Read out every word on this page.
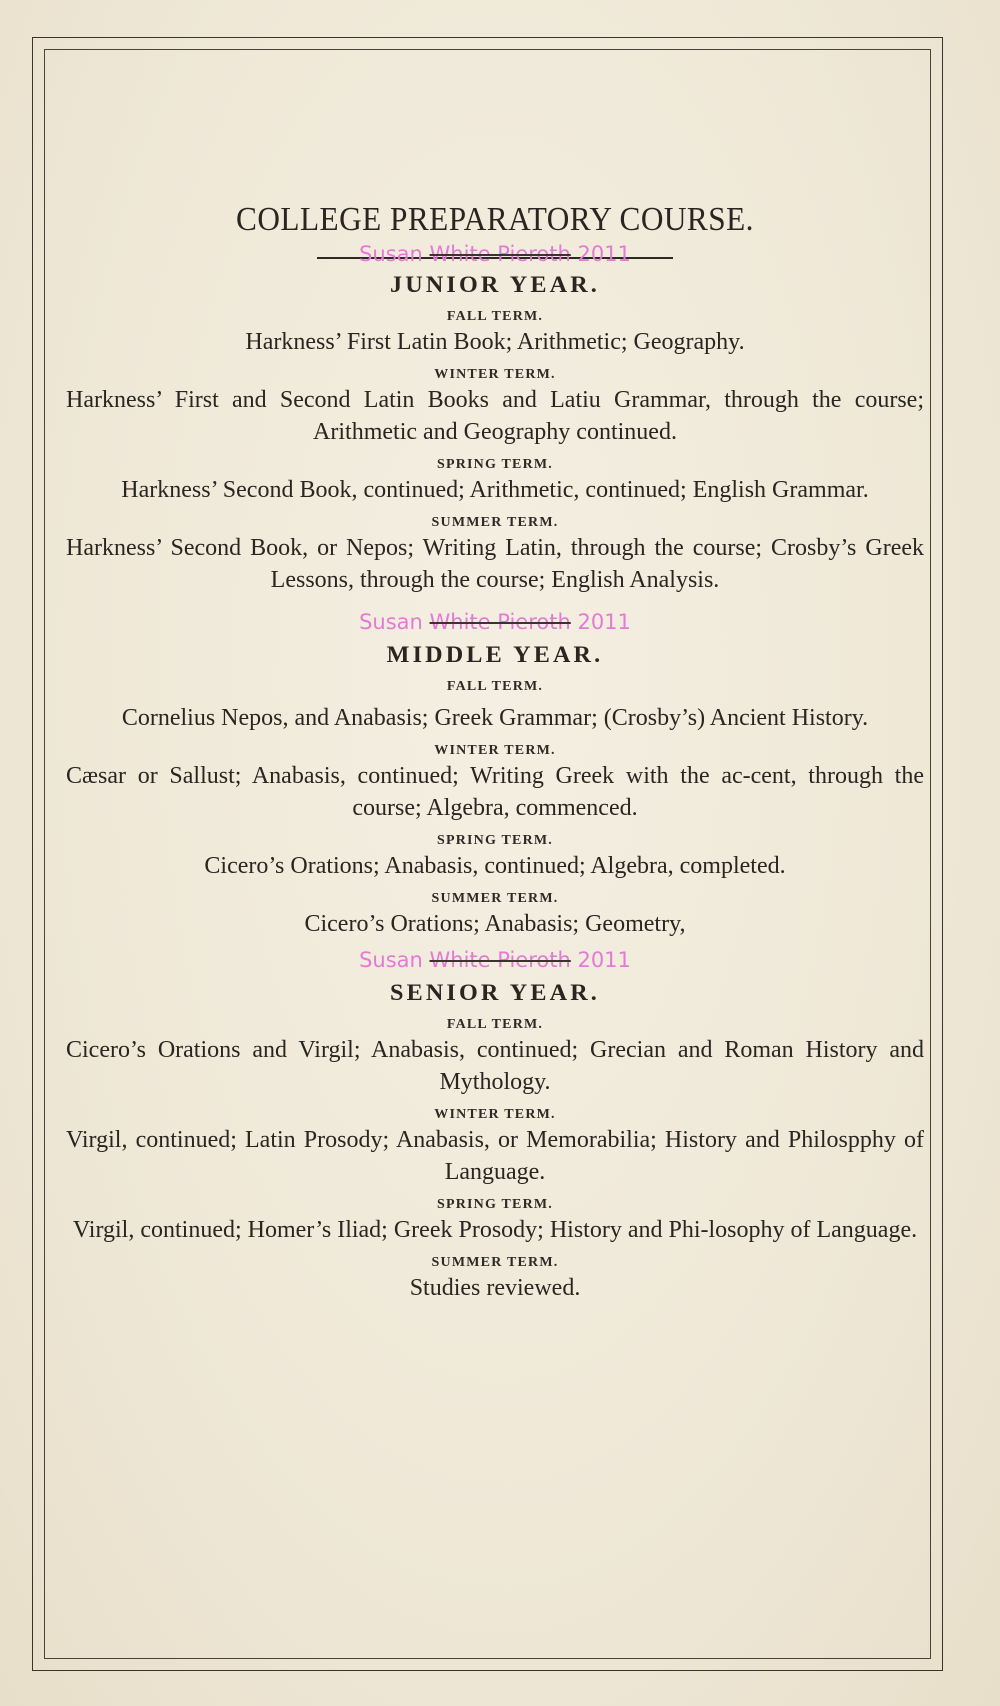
COLLEGE PREPARATORY COURSE.
Susan White Pieroth 2011
JUNIOR YEAR.
FALL TERM.
Harkness’ First Latin Book; Arithmetic; Geography.
WINTER TERM.
Harkness’ First and Second Latin Books and Latiu Grammar, through the course; Arithmetic and Geography continued.
SPRING TERM.
Harkness’ Second Book, continued; Arithmetic, continued; English Grammar.
SUMMER TERM.
Harkness’ Second Book, or Nepos; Writing Latin, through the course; Crosby’s Greek Lessons, through the course; English Analysis.
Susan White Pieroth 2011
MIDDLE YEAR.
FALL TERM.
Cornelius Nepos, and Anabasis; Greek Grammar; (Crosby’s) Ancient History.
WINTER TERM.
Cæsar or Sallust; Anabasis, continued; Writing Greek with the ac-cent, through the course; Algebra, commenced.
SPRING TERM.
Cicero’s Orations; Anabasis, continued; Algebra, completed.
SUMMER TERM.
Cicero’s Orations; Anabasis; Geometry,
Susan White Pieroth 2011
SENIOR YEAR.
FALL TERM.
Cicero’s Orations and Virgil; Anabasis, continued; Grecian and Roman History and Mythology.
WINTER TERM.
Virgil, continued; Latin Prosody; Anabasis, or Memorabilia; History and Philospphy of Language.
SPRING TERM.
Virgil, continued; Homer’s Iliad; Greek Prosody; History and Phi-losophy of Language.
SUMMER TERM.
Studies reviewed.
